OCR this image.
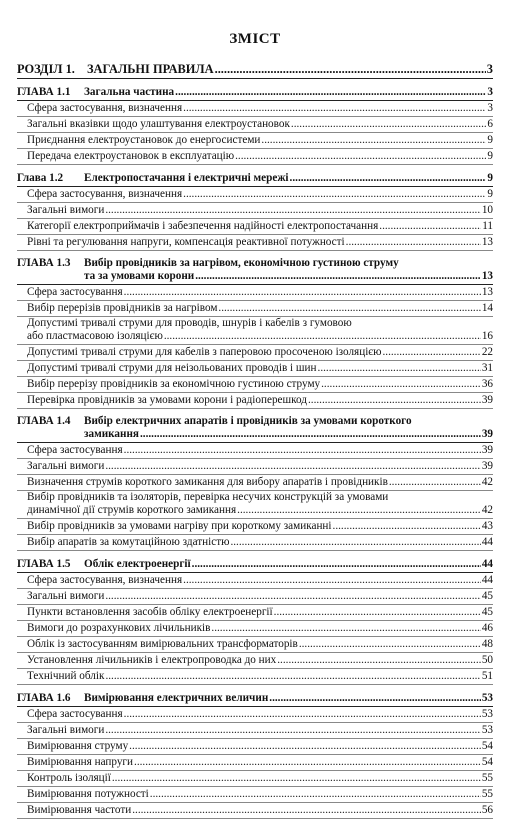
ЗМІСТ
РОЗДІЛ 1. ЗАГАЛЬНІ ПРАВИЛА .....	3
ГЛАВА 1.1 Загальна частина .....	3
Сфера застосування, визначення .....	3
Загальні вказівки щодо улаштування електроустановок .....	6
Приєднання електроустановок до енергосистеми .....	9
Передача електроустановок в експлуатацію .....	9
Глава 1.2 Електропостачання і електричні мережі .....	9
Сфера застосування, визначення .....	9
Загальні вимоги .....	10
Категорії електроприймачів і забезпечення надійності електропостачання .....	11
Рівні та регулювання напруги, компенсація реактивної потужності .....	13
ГЛАВА 1.3 Вибір провідників за нагрівом, економічною густиною струму
та за умовами корони .....	13
Сфера застосування .....	13
Вибір перерізів провідників за нагрівом .....	14
Допустимі тривалі струми для проводів, шнурів і кабелів з гумовою
або пластмасовою ізоляцією .....	16
Допустимі тривалі струми для кабелів з паперовою просоченою ізоляцією .....	22
Допустимі тривалі струми для неізольованих проводів і шин .....	31
Вибір перерізу провідників за економічною густиною струму .....	36
Перевірка провідників за умовами корони і радіоперешкод .....	39
ГЛАВА 1.4 Вибір електричних апаратів і провідників за умовами короткого
замикання .....	39
Сфера застосування .....	39
Загальні вимоги .....	39
Визначення струмів короткого замикання для вибору апаратів і провідників .....	42
Вибір провідників та ізоляторів, перевірка несучих конструкцій за умовами
динамічної дії струмів короткого замикання .....	42
Вибір провідників за умовами нагріву при короткому замиканні .....	43
Вибір апаратів за комутаційною здатністю .....	44
ГЛАВА 1.5 Облік електроенергії .....	44
Сфера застосування, визначення .....	44
Загальні вимоги .....	45
Пункти встановлення засобів обліку електроенергії .....	45
Вимоги до розрахункових лічильників .....	46
Облік із застосуванням вимірювальних трансформаторів .....	48
Установлення лічильників і електропроводка до них .....	50
Технічний облік .....	51
ГЛАВА 1.6 Вимірювання електричних величин .....	53
Сфера застосування .....	53
Загальні вимоги .....	53
Вимірювання струму .....	54
Вимірювання напруги .....	54
Контроль ізоляції .....	55
Вимірювання потужності .....	55
Вимірювання частоти .....	56
